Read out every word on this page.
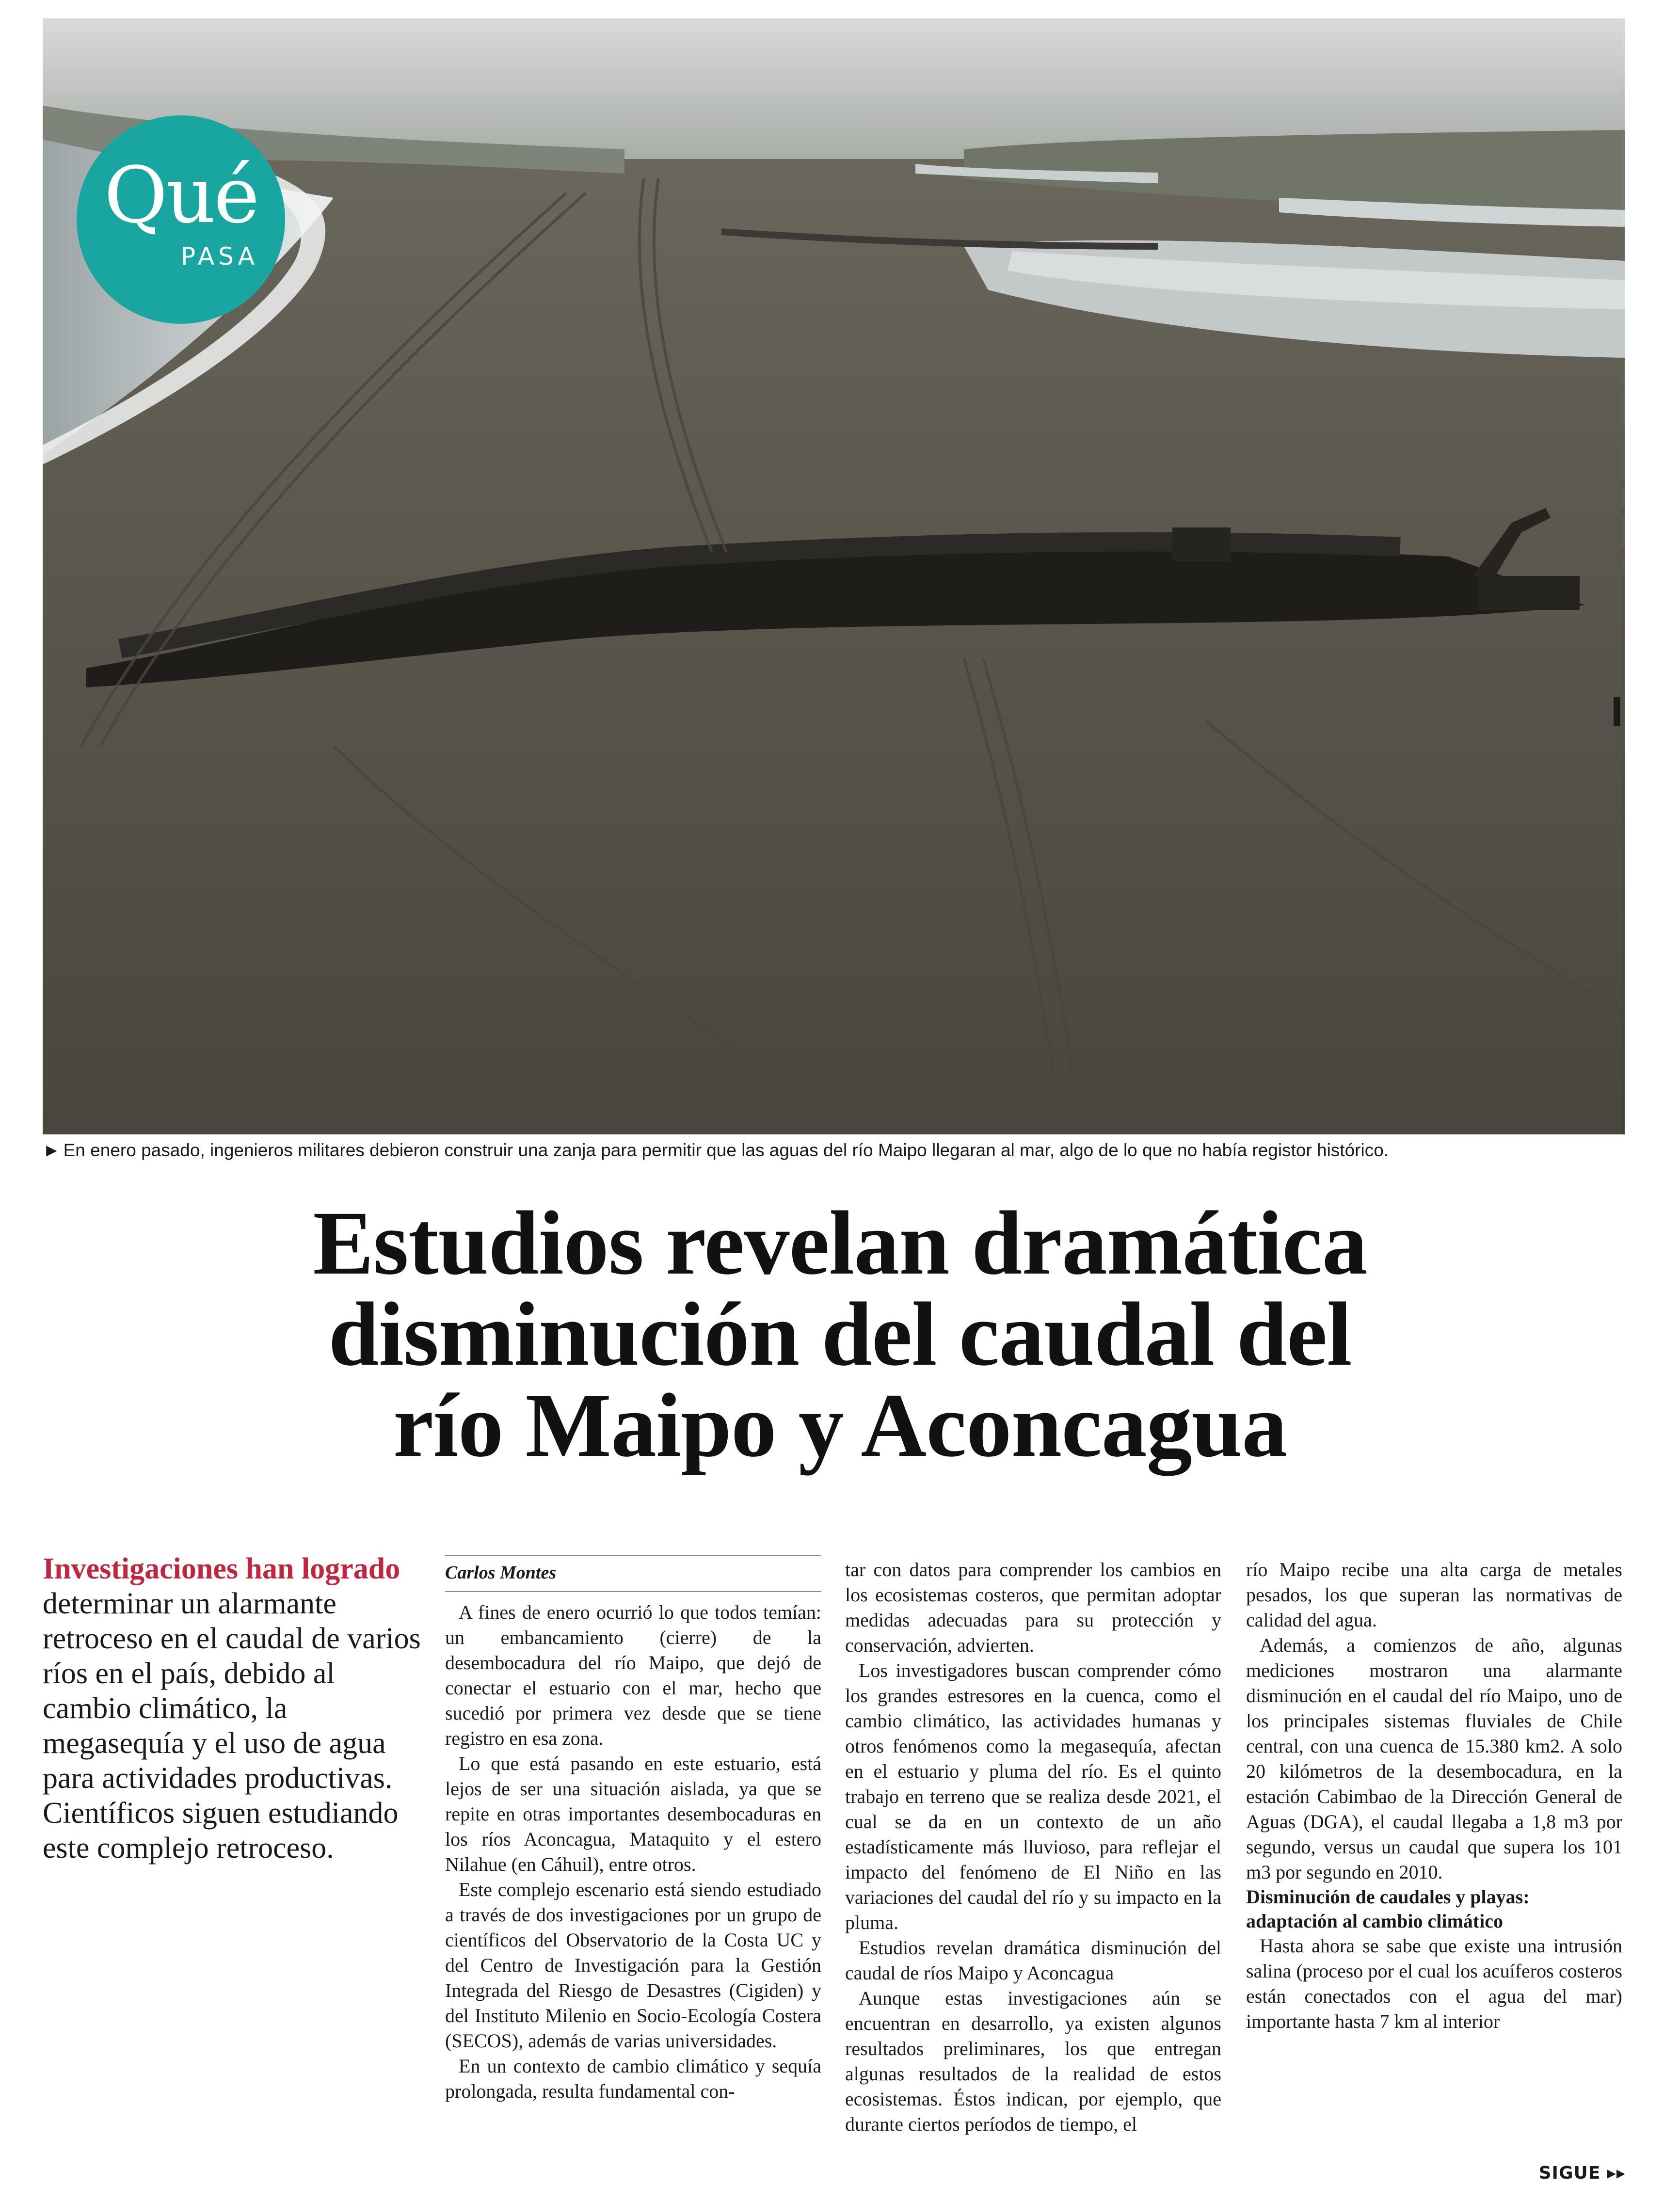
Qué
PASA
► En enero pasado, ingenieros militares debieron construir una zanja para permitir que las aguas del río Maipo llegaran al mar, algo de lo que no había registor histórico.
Estudios revelan dramática
disminución del caudal del
río Maipo y Aconcagua
Investigaciones han logrado determinar un alarmante retroceso en el caudal de varios ríos en el país, debido al cambio climático, la megasequía y el uso de agua para actividades productivas. Científicos siguen estudiando este complejo retroceso.
Carlos Montes

A fines de enero ocurrió lo que todos temían: un embancamiento (cierre) de la desembocadura del río Maipo, que dejó de conectar el estuario con el mar, hecho que sucedió por primera vez desde que se tiene registro en esa zona.

Lo que está pasando en este estuario, está lejos de ser una situación aislada, ya que se repite en otras importantes desembocaduras en los ríos Aconcagua, Mataquito y el estero Nilahue (en Cáhuil), entre otros.

Este complejo escenario está siendo estudiado a través de dos investigaciones por un grupo de científicos del Observatorio de la Costa UC y del Centro de Investigación para la Gestión Integrada del Riesgo de Desastres (Cigiden) y del Instituto Milenio en Socio-Ecología Costera (SECOS), además de varias universidades.

En un contexto de cambio climático y sequía prolongada, resulta fundamental con-

tar con datos para comprender los cambios en los ecosistemas costeros, que permitan adoptar medidas adecuadas para su protección y conservación, advierten.

Los investigadores buscan comprender cómo los grandes estresores en la cuenca, como el cambio climático, las actividades humanas y otros fenómenos como la megasequía, afectan en el estuario y pluma del río. Es el quinto trabajo en terreno que se realiza desde 2021, el cual se da en un contexto de un año estadísticamente más lluvioso, para reflejar el impacto del fenómeno de El Niño en las variaciones del caudal del río y su impacto en la pluma.

Estudios revelan dramática disminución del caudal de ríos Maipo y Aconcagua

Aunque estas investigaciones aún se encuentran en desarrollo, ya existen algunos resultados preliminares, los que entregan algunas resultados de la realidad de estos ecosistemas. Éstos indican, por ejemplo, que durante ciertos períodos de tiempo, el

río Maipo recibe una alta carga de metales pesados, los que superan las normativas de calidad del agua.

Además, a comienzos de año, algunas mediciones mostraron una alarmante disminución en el caudal del río Maipo, uno de los principales sistemas fluviales de Chile central, con una cuenca de 15.380 km2. A solo 20 kilómetros de la desembocadura, en la estación Cabimbao de la Dirección General de Aguas (DGA), el caudal llegaba a 1,8 m3 por segundo, versus un caudal que supera los 101 m3 por segundo en 2010.

Disminución de caudales y playas: adaptación al cambio climático

Hasta ahora se sabe que existe una intrusión salina (proceso por el cual los acuíferos costeros están conectados con el agua del mar) importante hasta 7 km al interior

SIGUE ▸▸
